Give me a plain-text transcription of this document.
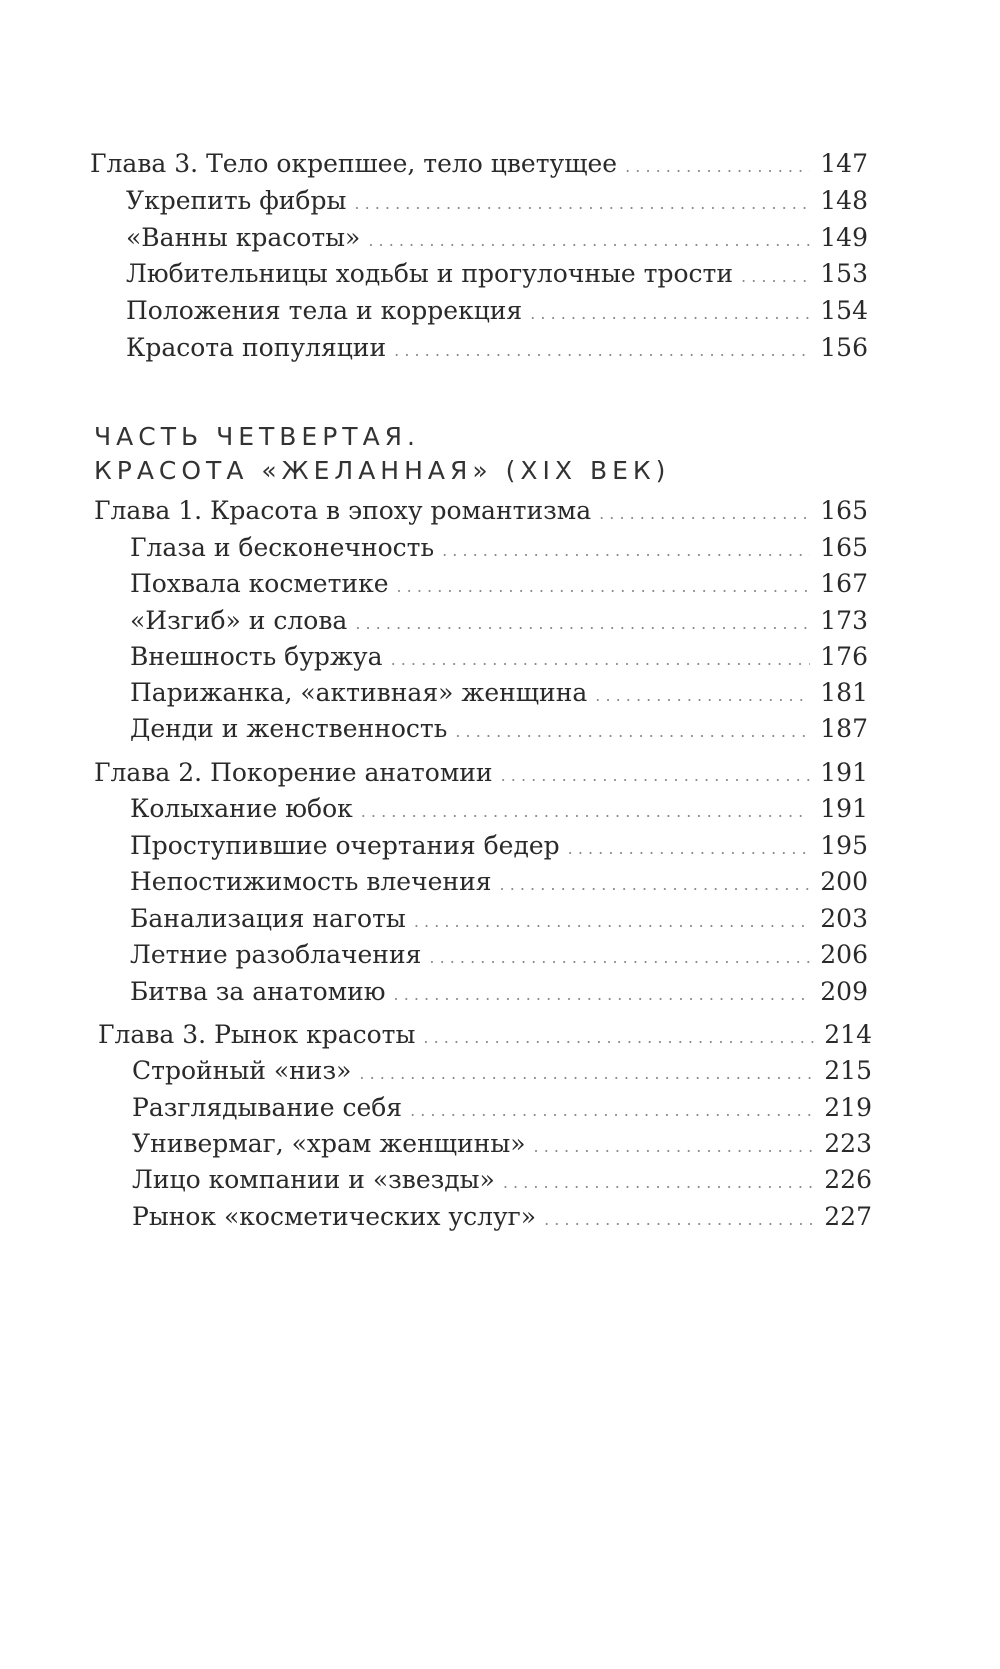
Глава 3. Тело окрепшее, тело цветущее . . .	147
Укрепить фибры . . .	148
«Ванны красоты» . . .	149
Любительницы ходьбы и прогулочные трости . . .	153
Положения тела и коррекция . . .	154
Красота популяции . . .	156
ЧАСТЬ ЧЕТВЕРТАЯ.
КРАСОТА «ЖЕЛАННАЯ» (XIX ВЕК)
Глава 1. Красота в эпоху романтизма . . .	165
Глаза и бесконечность . . .	165
Похвала косметике . . .	167
«Изгиб» и слова . . .	173
Внешность буржуа . . .	176
Парижанка, «активная» женщина . . .	181
Денди и женственность . . .	187
Глава 2. Покорение анатомии . . .	191
Колыхание юбок . . .	191
Проступившие очертания бедер . . .	195
Непостижимость влечения . . .	200
Банализация наготы . . .	203
Летние разоблачения . . .	206
Битва за анатомию . . .	209
Глава 3. Рынок красоты . . .	214
Стройный «низ» . . .	215
Разглядывание себя . . .	219
Универмаг, «храм женщины» . . .	223
Лицо компании и «звезды» . . .	226
Рынок «косметических услуг» . . .	227
